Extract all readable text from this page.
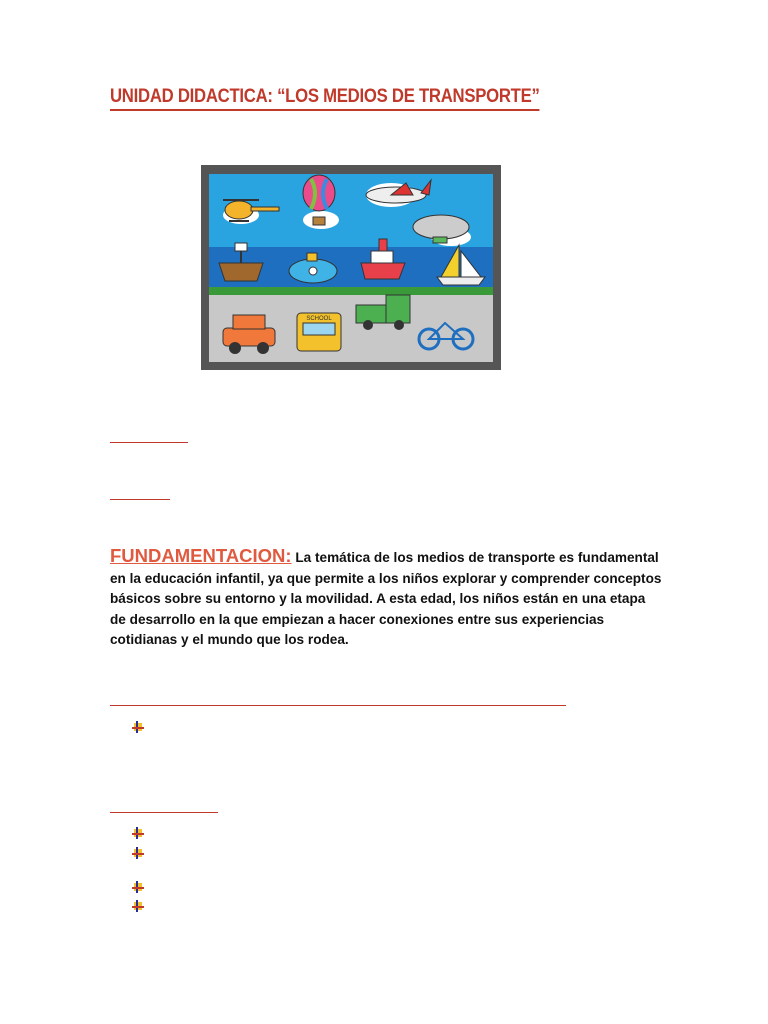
UNIDAD DIDACTICA: “LOS MEDIOS DE TRANSPORTE”
SCHOOL
FUNDAMENTACION: La temática de los medios de transporte es fundamental en la educación infantil, ya que permite a los niños explorar y comprender conceptos básicos sobre su entorno y la movilidad. A esta edad, los niños están en una etapa de desarrollo en la que empiezan a hacer conexiones entre sus experiencias cotidianas y el mundo que los rodea.
